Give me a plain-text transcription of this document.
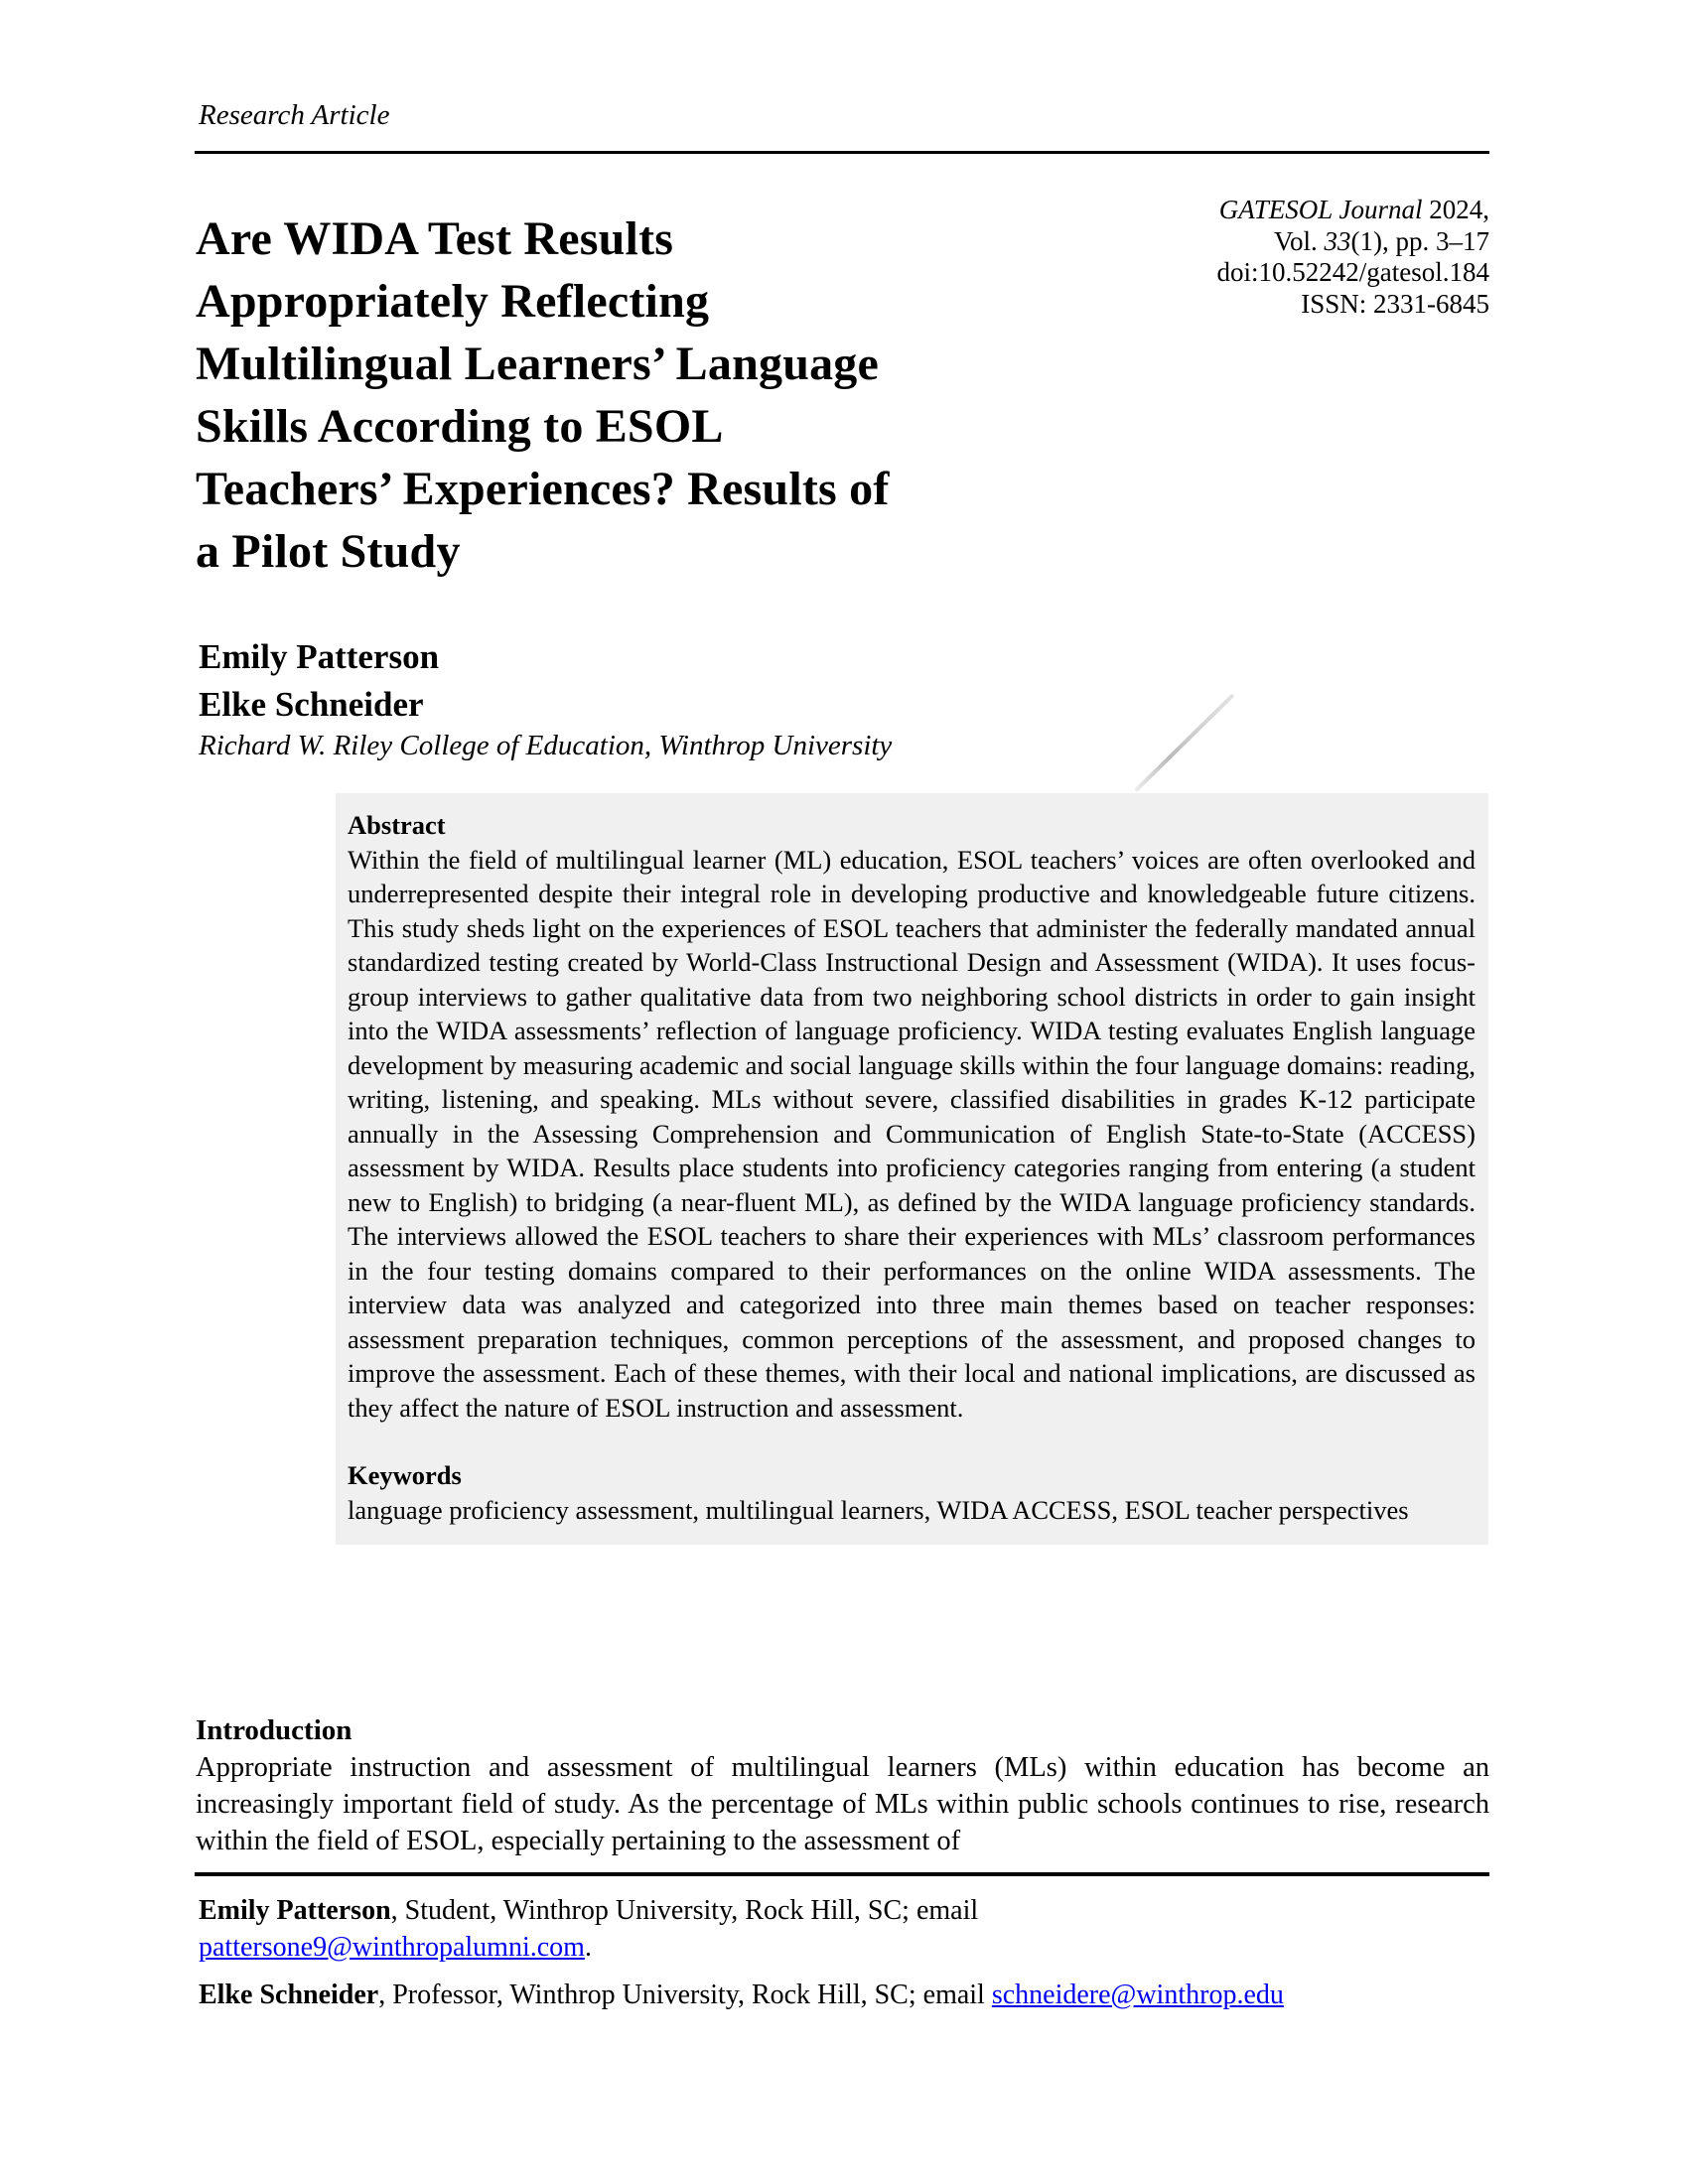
Research Article
Are WIDA Test Results
Appropriately Reflecting
Multilingual Learners’ Language
Skills According to ESOL
Teachers’ Experiences? Results of
a Pilot Study
GATESOL Journal 2024,
Vol. 33(1), pp. 3–17
doi:10.52242/gatesol.184
ISSN: 2331-6845
Emily Patterson
Elke Schneider
Richard W. Riley College of Education, Winthrop University
Abstract
Within the field of multilingual learner (ML) education, ESOL teachers’ voices are often overlooked and underrepresented despite their integral role in developing productive and knowledgeable future citizens. This study sheds light on the experiences of ESOL teachers that administer the federally mandated annual standardized testing created by World-Class Instructional Design and Assessment (WIDA). It uses focus-group interviews to gather qualitative data from two neighboring school districts in order to gain insight into the WIDA assessments’ reflection of language proficiency. WIDA testing evaluates English language development by measuring academic and social language skills within the four language domains: reading, writing, listening, and speaking. MLs without severe, classified disabilities in grades K-12 participate annually in the Assessing Comprehension and Communication of English State-to-State (ACCESS) assessment by WIDA. Results place students into proficiency categories ranging from entering (a student new to English) to bridging (a near-fluent ML), as defined by the WIDA language proficiency standards. The interviews allowed the ESOL teachers to share their experiences with MLs’ classroom performances in the four testing domains compared to their performances on the online WIDA assessments. The interview data was analyzed and categorized into three main themes based on teacher responses: assessment preparation techniques, common perceptions of the assessment, and proposed changes to improve the assessment. Each of these themes, with their local and national implications, are discussed as they affect the nature of ESOL instruction and assessment.
Keywords
language proficiency assessment, multilingual learners, WIDA ACCESS, ESOL teacher perspectives
Introduction
Appropriate instruction and assessment of multilingual learners (MLs) within education has become an increasingly important field of study. As the percentage of MLs within public schools continues to rise, research within the field of ESOL, especially pertaining to the assessment of
Emily Patterson, Student, Winthrop University, Rock Hill, SC; email
pattersone9@winthropalumni.com.
Elke Schneider, Professor, Winthrop University, Rock Hill, SC; email schneidere@winthrop.edu
